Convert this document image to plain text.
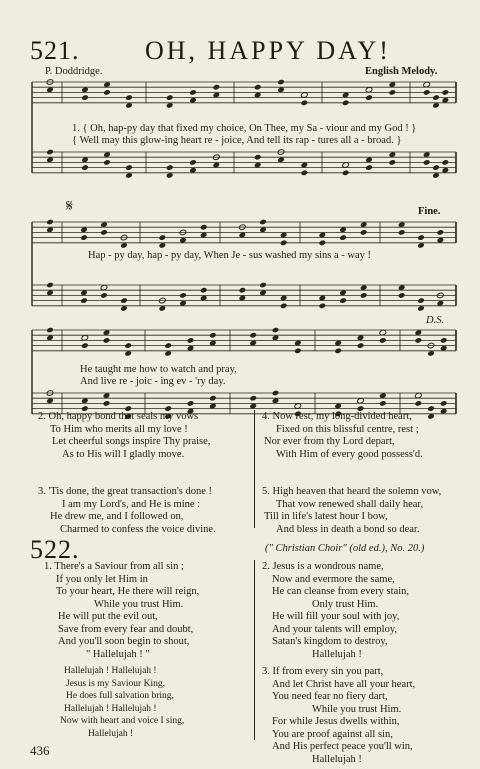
521.	OH, HAPPY DAY!
P. Doddridge.	English Melody.
1. { Oh, hap-py day that fixed my choice, On Thee, my Sa - viour and my God ! }
{ Well may this glow-ing heart re - joice, And tell its rap - tures all a - broad. }
𝄋	Fine.
Hap - py day, hap - py day, When Je - sus washed my sins a - way !
D.S.
He taught me how to watch and pray,
And live re - joic - ing ev - 'ry day.
2. Oh, happy bond that seals my vows
To Him who merits all my love !
Let cheerful songs inspire Thy praise,
As to His will I gladly move.
3. 'Tis done, the great transaction's done !
I am my Lord's, and He is mine :
He drew me, and I followed on,
Charmed to confess the voice divine.
4. Now rest, my long-divided heart,
Fixed on this blissful centre, rest ;
Nor ever from thy Lord depart,
With Him of every good possess'd.
5. High heaven that heard the solemn vow,
That vow renewed shall daily hear,
Till in life's latest hour I bow,
And bless in death a bond so dear.
522.	(" Christian Choir" (old ed.), No. 20.)
1. There's a Saviour from all sin ;
If you only let Him in
To your heart, He there will reign,
While you trust Him.
He will put the evil out,
Save from every fear and doubt,
And you'll soon begin to shout,
" Hallelujah ! "
Hallelujah ! Hallelujah !
Jesus is my Saviour King,
He does full salvation bring,
Hallelujah ! Hallelujah !
Now with heart and voice I sing,
Hallelujah !
2. Jesus is a wondrous name,
Now and evermore the same,
He can cleanse from every stain,
Only trust Him.
He will fill your soul with joy,
And your talents will employ,
Satan's kingdom to destroy,
Hallelujah !
3. If from every sin you part,
And let Christ have all your heart,
You need fear no fiery dart,
While you trust Him.
For while Jesus dwells within,
You are proof against all sin,
And His perfect peace you'll win,
Hallelujah !
436
